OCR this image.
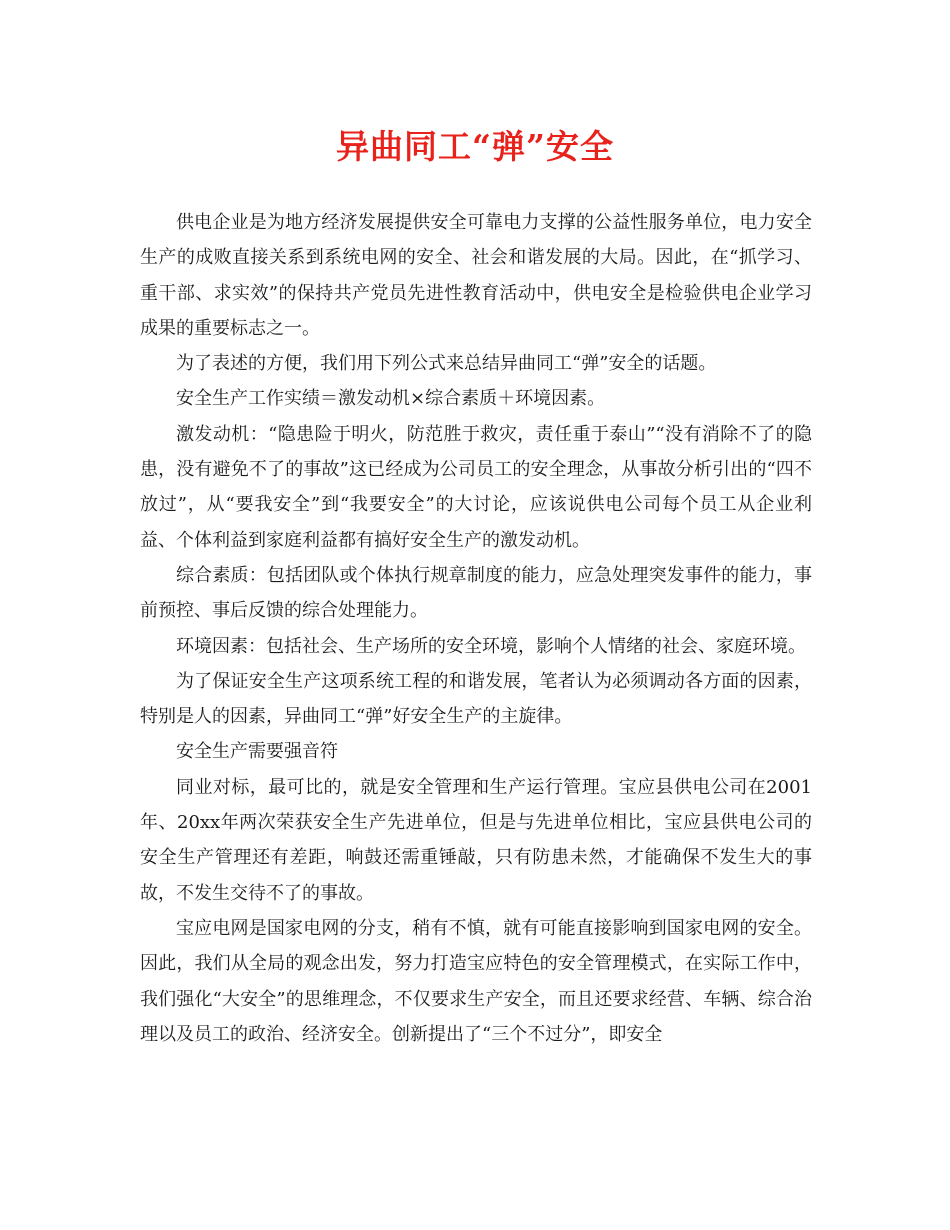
异曲同工“弹”安全

供电企业是为地方经济发展提供安全可靠电力支撑的公益性服务单位，电力安全生产的成败直接关系到系统电网的安全、社会和谐发展的大局。因此，在“抓学习、重干部、求实效”的保持共产党员先进性教育活动中，供电安全是检验供电企业学习成果的重要标志之一。

为了表述的方便，我们用下列公式来总结异曲同工“弹”安全的话题。

安全生产工作实绩＝激发动机×综合素质＋环境因素。

激发动机：“隐患险于明火，防范胜于救灾，责任重于泰山”“没有消除不了的隐患，没有避免不了的事故”这已经成为公司员工的安全理念，从事故分析引出的“四不放过”，从“要我安全”到“我要安全”的大讨论，应该说供电公司每个员工从企业利益、个体利益到家庭利益都有搞好安全生产的激发动机。

综合素质：包括团队或个体执行规章制度的能力，应急处理突发事件的能力，事前预控、事后反馈的综合处理能力。

环境因素：包括社会、生产场所的安全环境，影响个人情绪的社会、家庭环境。

为了保证安全生产这项系统工程的和谐发展，笔者认为必须调动各方面的因素，特别是人的因素，异曲同工“弹”好安全生产的主旋律。

安全生产需要强音符

同业对标，最可比的，就是安全管理和生产运行管理。宝应县供电公司在2001年、20xx年两次荣获安全生产先进单位，但是与先进单位相比，宝应县供电公司的安全生产管理还有差距，响鼓还需重锤敲，只有防患未然，才能确保不发生大的事故，不发生交待不了的事故。

宝应电网是国家电网的分支，稍有不慎，就有可能直接影响到国家电网的安全。因此，我们从全局的观念出发，努力打造宝应特色的安全管理模式，在实际工作中，我们强化“大安全”的思维理念，不仅要求生产安全，而且还要求经营、车辆、综合治理以及员工的政治、经济安全。创新提出了“三个不过分”，即安全
